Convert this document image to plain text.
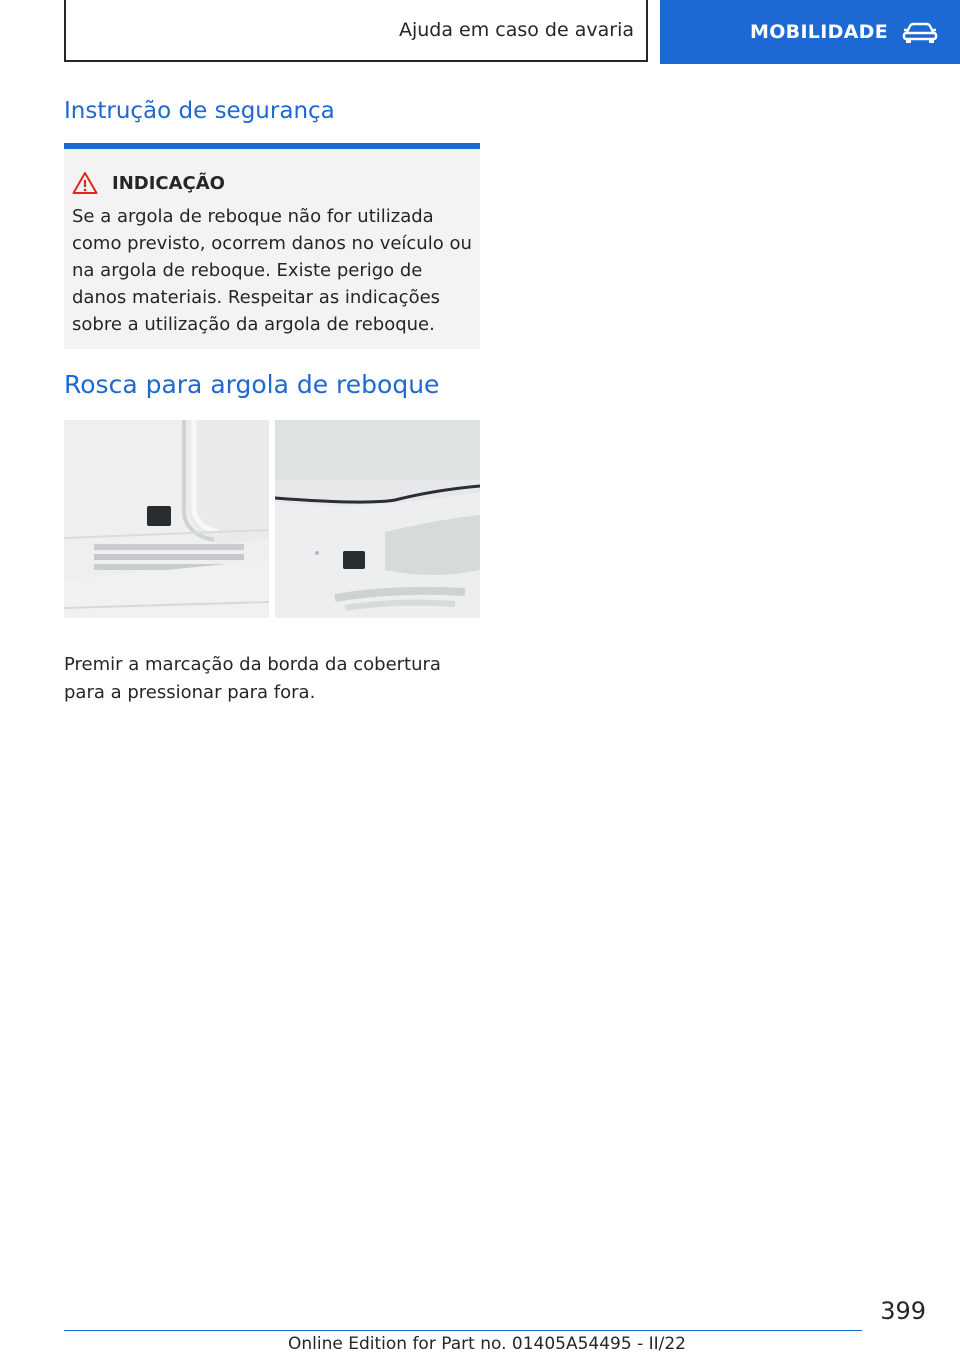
Ajuda em caso de avaria	MOBILIDADE
Instrução de segurança
INDICAÇÃO

Se a argola de reboque não for utilizada como previsto, ocorrem danos no veículo ou na argola de reboque. Existe perigo de danos materiais. Respeitar as indicações sobre a utilização da argola de reboque.

Rosca para argola de reboque

Premir a marcação da borda da cobertura para a pressionar para fora.

399
Online Edition for Part no. 01405A54495 - II/22
